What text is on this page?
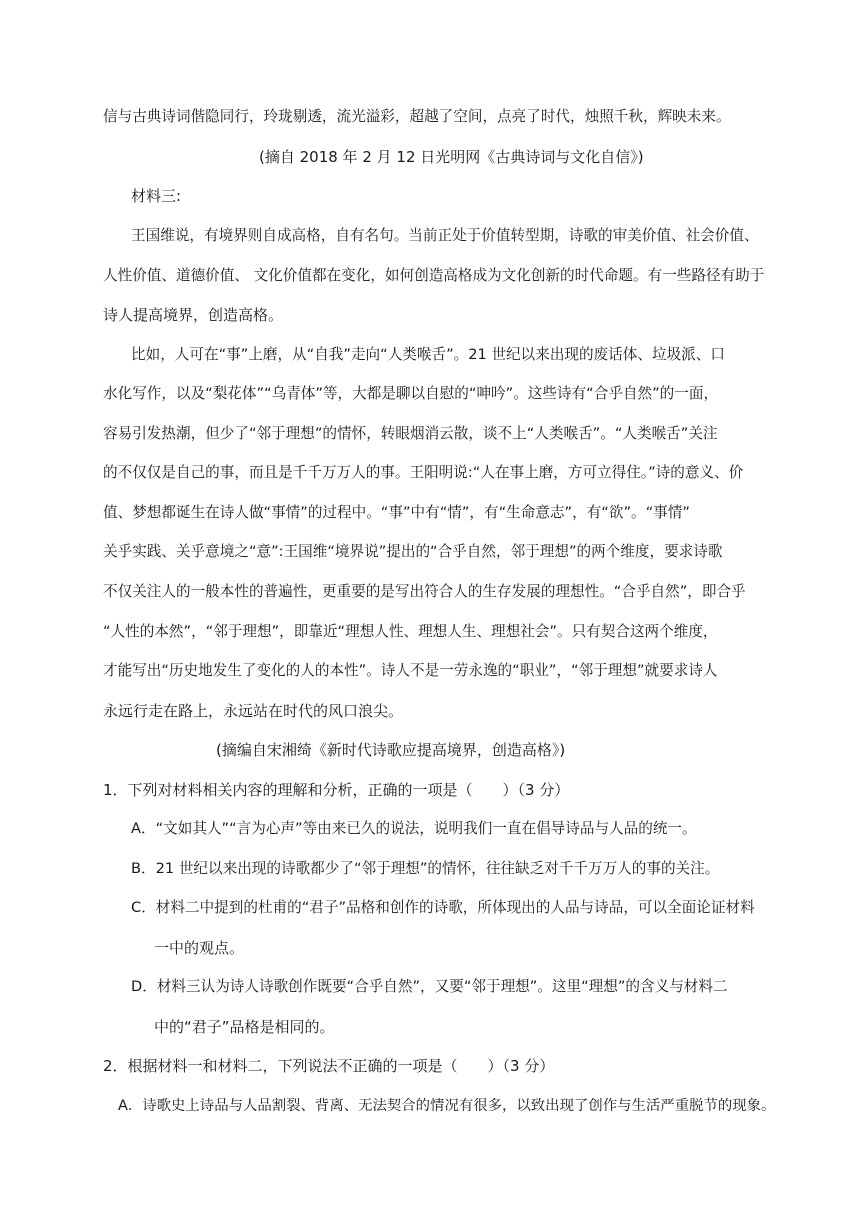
信与古典诗词偕隐同行，玲珑剔透，流光溢彩，超越了空间，点亮了时代，烛照千秋，辉映未来。

(摘自 2018 年 2 月 12 日光明网《古典诗词与文化自信》)

材料三:

王国维说，有境界则自成高格，自有名句。当前正处于价值转型期，诗歌的审美价值、社会价值、

人性价值、道德价值、 文化价值都在变化，如何创造高格成为文化创新的时代命题。有一些路径有助于

诗人提高境界，创造高格。

比如，人可在“事”上磨，从“自我”走向“人类喉舌”。21 世纪以来出现的废话体、垃圾派、口

水化写作，以及“梨花体”“乌青体”等，大都是聊以自慰的“呻吟”。这些诗有“合乎自然”的一面，

容易引发热潮，但少了“邻于理想”的情怀，转眼烟消云散，谈不上“人类喉舌”。“人类喉舌”关注

的不仅仅是自己的事，而且是千千万万人的事。王阳明说:“人在事上磨，方可立得住。”诗的意义、价

值、梦想都诞生在诗人做“事情”的过程中。“事”中有“情”，有“生命意志”，有“欲”。“事情”

关乎实践、关乎意境之“意”:王国维“境界说”提出的“合乎自然，邻于理想”的两个维度，要求诗歌

不仅关注人的一般本性的普遍性，更重要的是写出符合人的生存发展的理想性。“合乎自然”，即合乎

“人性的本然”，“邻于理想”，即靠近“理想人性、理想人生、理想社会”。只有契合这两个维度，

才能写出“历史地发生了变化的人的本性”。诗人不是一劳永逸的“职业”，“邻于理想”就要求诗人

永远行走在路上，永远站在时代的风口浪尖。

(摘编自宋湘绮《新时代诗歌应提高境界，创造高格》)

1．下列对材料相关内容的理解和分析，正确的一项是（　　）（3 分）

A．“文如其人”“言为心声”等由来已久的说法，说明我们一直在倡导诗品与人品的统一。

B．21 世纪以来出现的诗歌都少了“邻于理想”的情怀，往往缺乏对千千万万人的事的关注。

C．材料二中提到的杜甫的“君子”品格和创作的诗歌，所体现出的人品与诗品，可以全面论证材料

一中的观点。

D．材料三认为诗人诗歌创作既要“合乎自然”，又要“邻于理想”。这里“理想”的含义与材料二

中的“君子”品格是相同的。

2．根据材料一和材料二，下列说法不正确的一项是（　　）（3 分）

A．诗歌史上诗品与人品割裂、背离、无法契合的情况有很多，以致出现了创作与生活严重脱节的现象。
